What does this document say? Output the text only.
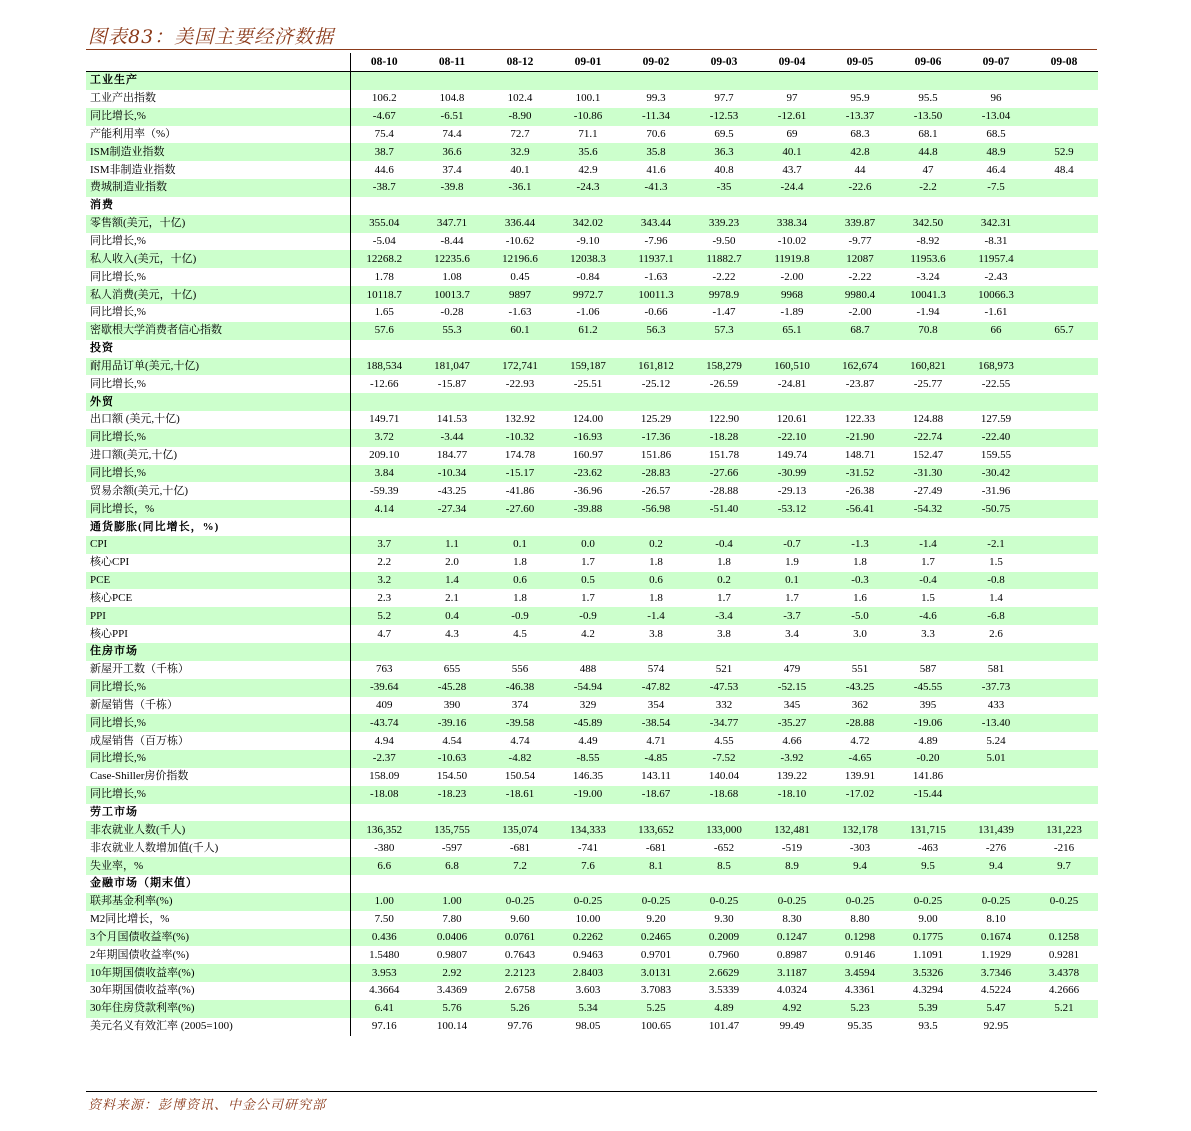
图表83：美国主要经济数据
	08-10	08-11	08-12	09-01	09-02	09-03	09-04	09-05	09-06	09-07	09-08
工业生产											
工业产出指数	106.2	104.8	102.4	100.1	99.3	97.7	97	95.9	95.5	96	
同比增长,%	-4.67	-6.51	-8.90	-10.86	-11.34	-12.53	-12.61	-13.37	-13.50	-13.04	
产能利用率（%）	75.4	74.4	72.7	71.1	70.6	69.5	69	68.3	68.1	68.5	
ISM制造业指数	38.7	36.6	32.9	35.6	35.8	36.3	40.1	42.8	44.8	48.9	52.9
ISM非制造业指数	44.6	37.4	40.1	42.9	41.6	40.8	43.7	44	47	46.4	48.4
费城制造业指数	-38.7	-39.8	-36.1	-24.3	-41.3	-35	-24.4	-22.6	-2.2	-7.5	
消费											
零售额(美元，十亿)	355.04	347.71	336.44	342.02	343.44	339.23	338.34	339.87	342.50	342.31	
同比增长,%	-5.04	-8.44	-10.62	-9.10	-7.96	-9.50	-10.02	-9.77	-8.92	-8.31	
私人收入(美元，十亿)	12268.2	12235.6	12196.6	12038.3	11937.1	11882.7	11919.8	12087	11953.6	11957.4	
同比增长,%	1.78	1.08	0.45	-0.84	-1.63	-2.22	-2.00	-2.22	-3.24	-2.43	
私人消费(美元，十亿)	10118.7	10013.7	9897	9972.7	10011.3	9978.9	9968	9980.4	10041.3	10066.3	
同比增长,%	1.65	-0.28	-1.63	-1.06	-0.66	-1.47	-1.89	-2.00	-1.94	-1.61	
密歇根大学消费者信心指数	57.6	55.3	60.1	61.2	56.3	57.3	65.1	68.7	70.8	66	65.7
投资											
耐用品订单(美元,十亿)	188,534	181,047	172,741	159,187	161,812	158,279	160,510	162,674	160,821	168,973	
同比增长,%	-12.66	-15.87	-22.93	-25.51	-25.12	-26.59	-24.81	-23.87	-25.77	-22.55	
外贸											
出口额 (美元,十亿)	149.71	141.53	132.92	124.00	125.29	122.90	120.61	122.33	124.88	127.59	
同比增长,%	3.72	-3.44	-10.32	-16.93	-17.36	-18.28	-22.10	-21.90	-22.74	-22.40	
进口额(美元,十亿)	209.10	184.77	174.78	160.97	151.86	151.78	149.74	148.71	152.47	159.55	
同比增长,%	3.84	-10.34	-15.17	-23.62	-28.83	-27.66	-30.99	-31.52	-31.30	-30.42	
贸易余额(美元,十亿)	-59.39	-43.25	-41.86	-36.96	-26.57	-28.88	-29.13	-26.38	-27.49	-31.96	
同比增长，%	4.14	-27.34	-27.60	-39.88	-56.98	-51.40	-53.12	-56.41	-54.32	-50.75	
通货膨胀(同比增长，%)											
CPI	3.7	1.1	0.1	0.0	0.2	-0.4	-0.7	-1.3	-1.4	-2.1	
核心CPI	2.2	2.0	1.8	1.7	1.8	1.8	1.9	1.8	1.7	1.5	
PCE	3.2	1.4	0.6	0.5	0.6	0.2	0.1	-0.3	-0.4	-0.8	
核心PCE	2.3	2.1	1.8	1.7	1.8	1.7	1.7	1.6	1.5	1.4	
PPI	5.2	0.4	-0.9	-0.9	-1.4	-3.4	-3.7	-5.0	-4.6	-6.8	
核心PPI	4.7	4.3	4.5	4.2	3.8	3.8	3.4	3.0	3.3	2.6	
住房市场											
新屋开工数（千栋）	763	655	556	488	574	521	479	551	587	581	
同比增长,%	-39.64	-45.28	-46.38	-54.94	-47.82	-47.53	-52.15	-43.25	-45.55	-37.73	
新屋销售（千栋）	409	390	374	329	354	332	345	362	395	433	
同比增长,%	-43.74	-39.16	-39.58	-45.89	-38.54	-34.77	-35.27	-28.88	-19.06	-13.40	
成屋销售（百万栋）	4.94	4.54	4.74	4.49	4.71	4.55	4.66	4.72	4.89	5.24	
同比增长,%	-2.37	-10.63	-4.82	-8.55	-4.85	-7.52	-3.92	-4.65	-0.20	5.01	
Case-Shiller房价指数	158.09	154.50	150.54	146.35	143.11	140.04	139.22	139.91	141.86		
同比增长,%	-18.08	-18.23	-18.61	-19.00	-18.67	-18.68	-18.10	-17.02	-15.44		
劳工市场											
非农就业人数(千人)	136,352	135,755	135,074	134,333	133,652	133,000	132,481	132,178	131,715	131,439	131,223
非农就业人数增加值(千人)	-380	-597	-681	-741	-681	-652	-519	-303	-463	-276	-216
失业率，%	6.6	6.8	7.2	7.6	8.1	8.5	8.9	9.4	9.5	9.4	9.7
金融市场（期末值）											
联邦基金利率(%)	1.00	1.00	0-0.25	0-0.25	0-0.25	0-0.25	0-0.25	0-0.25	0-0.25	0-0.25	0-0.25
M2同比增长，%	7.50	7.80	9.60	10.00	9.20	9.30	8.30	8.80	9.00	8.10	
3个月国债收益率(%)	0.436	0.0406	0.0761	0.2262	0.2465	0.2009	0.1247	0.1298	0.1775	0.1674	0.1258
2年期国债收益率(%)	1.5480	0.9807	0.7643	0.9463	0.9701	0.7960	0.8987	0.9146	1.1091	1.1929	0.9281
10年期国债收益率(%)	3.953	2.92	2.2123	2.8403	3.0131	2.6629	3.1187	3.4594	3.5326	3.7346	3.4378
30年期国债收益率(%)	4.3664	3.4369	2.6758	3.603	3.7083	3.5339	4.0324	4.3361	4.3294	4.5224	4.2666
30年住房贷款利率(%)	6.41	5.76	5.26	5.34	5.25	4.89	4.92	5.23	5.39	5.47	5.21
美元名义有效汇率 (2005=100)	97.16	100.14	97.76	98.05	100.65	101.47	99.49	95.35	93.5	92.95	
资料来源：彭博资讯、中金公司研究部
